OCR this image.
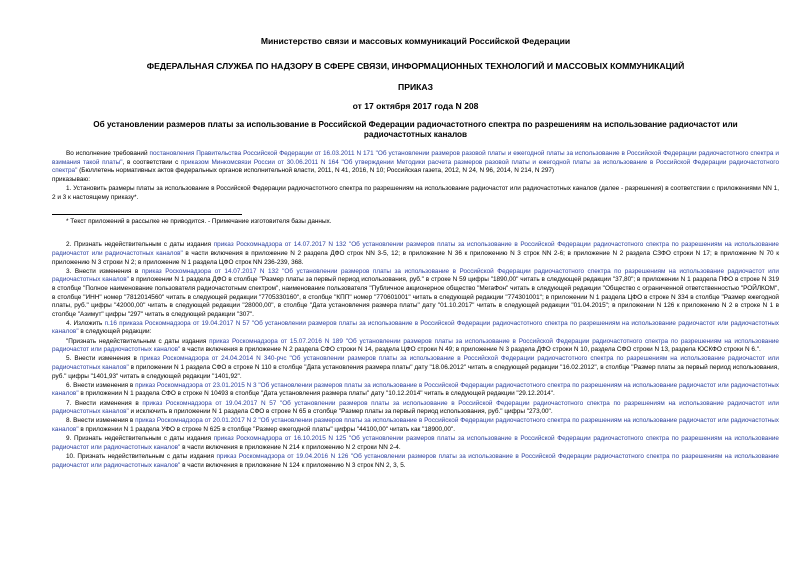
Министерство связи и массовых коммуникаций Российской Федерации
ФЕДЕРАЛЬНАЯ СЛУЖБА ПО НАДЗОРУ В СФЕРЕ СВЯЗИ, ИНФОРМАЦИОННЫХ ТЕХНОЛОГИЙ И МАССОВЫХ КОММУНИКАЦИЙ
ПРИКАЗ
от 17 октября 2017 года N 208
Об установлении размеров платы за использование в Российской Федерации радиочастотного спектра по разрешениям на использование радиочастот или радиочастотных каналов

Во исполнение требований постановления Правительства Российской Федерации от 16.03.2011 N 171 "Об установлении размеров разовой платы и ежегодной платы за использование в Российской Федерации радиочастотного спектра и взимания такой платы", в соответствии с приказом Минкомсвязи России от 30.06.2011 N 164 "Об утверждении Методики расчета размеров разовой платы и ежегодной платы за использование в Российской Федерации радиочастотного спектра" (Бюллетень нормативных актов федеральных органов исполнительной власти, 2011, N 41, 2016, N 10; Российская газета, 2012, N 24, N 96, 2014, N 214, N 297)

приказываю:

1. Установить размеры платы за использование в Российской Федерации радиочастотного спектра по разрешениям на использование радиочастот или радиочастотных каналов (далее - разрешения) в соответствии с приложениями NN 1, 2 и 3 к настоящему приказу*.

* Текст приложений в рассылке не приводится. - Примечание изготовителя базы данных.

2. Признать недействительным с даты издания приказ Роскомнадзора от 14.07.2017 N 132 "Об установлении размеров платы за использование в Российской Федерации радиочастотного спектра по разрешениям на использование радиочастот или радиочастотных каналов" в части включения в приложение N 2 раздела ДФО строк NN 3-5, 12; в приложение N 36 к приложению N 3 строк NN 2-6; в приложение N 2 раздела СЗФО строки N 17; в приложение N 70 к приложению N 3 строки N 2; в приложение N 1 раздела ЦФО строк NN 236-239, 368.

3. Внести изменения в приказ Роскомнадзора от 14.07.2017 N 132 "Об установлении размеров платы за использование в Российской Федерации радиочастотного спектра по разрешениям на использование радиочастот или радиочастотных каналов" в приложении N 1 раздела ДФО в столбце "Размер платы за первый период использования, руб." в строке N 59 цифры "1890,00" читать в следующей редакции "37,80"; в приложении N 1 раздела ПФО в строке N 319 в столбце "Полное наименование пользователя радиочастотным спектром", наименование пользователя "Публичное акционерное общество "МегаФон" читать в следующей редакции "Общество с ограниченной ответственностью "РОЙЛКОМ", в столбце "ИНН" номер "7812014560" читать в следующей редакции "7705330160", в столбце "КПП" номер "770601001" читать в следующей редакции "774301001"; в приложении N 1 раздела ЦФО в строке N 334 в столбце "Размер ежегодной платы, руб." цифры "42000,00" читать в следующей редакции "28000,00", в столбце "Дата установления размера платы" дату "01.10.2017" читать в следующей редакции "01.04.2015"; в приложении N 126 к приложению N 2 в строке N 1 в столбце "Азимут" цифры "297" читать в следующей редакции "307".

4. Изложить п.16 приказа Роскомнадзора от 19.04.2017 N 57 "Об установлении размеров платы за использование в Российской Федерации радиочастотного спектра по разрешениям на использование радиочастот или радиочастотных каналов" в следующей редакции:

"Признать недействительным с даты издания приказ Роскомнадзора от 15.07.2016 N 189 "Об установлении размеров платы за использование в Российской Федерации радиочастотного спектра по разрешениям на использование радиочастот или радиочастотных каналов" в части включения в приложение N 2 раздела СФО строки N 14, раздела ЦФО строки N 49; в приложение N 3 раздела ДФО строки N 10, раздела СФО строки N 13, раздела ЮСКФО строки N 6.".

5. Внести изменения в приказ Роскомнадзора от 24.04.2014 N 340-рчс "Об установлении размеров платы за использование в Российской Федерации радиочастотного спектра по разрешениям на использование радиочастот или радиочастотных каналов" в приложении N 1 раздела СФО в строке N 110 в столбце "Дата установления размера платы" дату "18.06.2012" читать в следующей редакции "16.02.2012", в столбце "Размер платы за первый период использования, руб." цифры "1401,93" читать в следующей редакции "1401,92".

6. Внести изменения в приказ Роскомнадзора от 23.01.2015 N 3 "Об установлении размеров платы за использование в Российской Федерации радиочастотного спектра по разрешениям на использование радиочастот или радиочастотных каналов" в приложении N 1 раздела СФО в строке N 10493 в столбце "Дата установления размера платы" дату "10.12.2014" читать в следующей редакции "29.12.2014".

7. Внести изменения в приказ Роскомнадзора от 19.04.2017 N 57 "Об установлении размеров платы за использование в Российской Федерации радиочастотного спектра по разрешениям на использование радиочастот или радиочастотных каналов" и исключить в приложении N 1 раздела СФО в строке N 65 в столбце "Размер платы за первый период использования, руб." цифры "273,00".

8. Внести изменения в приказ Роскомнадзора от 20.01.2017 N 2 "Об установлении размеров платы за использование в Российской Федерации радиочастотного спектра по разрешениям на использование радиочастот или радиочастотных каналов" в приложении N 1 раздела УФО в строке N 625 в столбце "Размер ежегодной платы" цифры "44100,00" читать как "18900,00".

9. Признать недействительным с даты издания приказ Роскомнадзора от 16.10.2015 N 125 "Об установлении размеров платы за использование в Российской Федерации радиочастотного спектра по разрешениям на использование радиочастот или радиочастотных каналов" в части включения в приложение N 214 к приложению N 2 строки NN 2-4.

10. Признать недействительным с даты издания приказ Роскомнадзора от 19.04.2016 N 126 "Об установлении размеров платы за использование в Российской Федерации радиочастотного спектра по разрешениям на использование радиочастот или радиочастотных каналов" в части включения в приложение N 124 к приложению N 3 строк NN 2, 3, 5.
